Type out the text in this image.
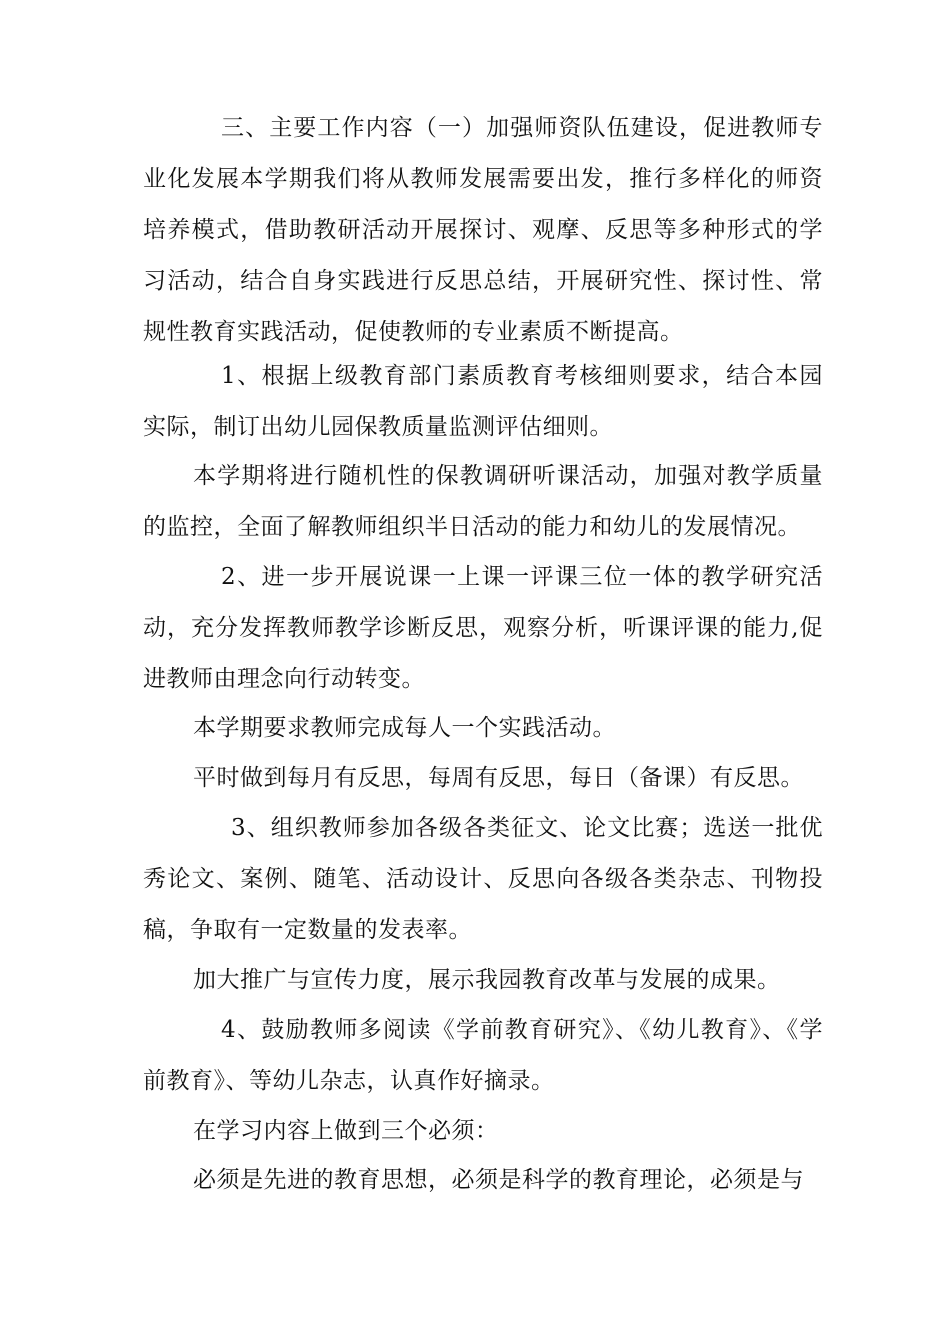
三、主要工作内容（一）加强师资队伍建设，促进教师专业化发展本学期我们将从教师发展需要出发，推行多样化的师资培养模式，借助教研活动开展探讨、观摩、反思等多种形式的学习活动，结合自身实践进行反思总结，开展研究性、探讨性、常规性教育实践活动，促使教师的专业素质不断提高。

1、根据上级教育部门素质教育考核细则要求，结合本园实际，制订出幼儿园保教质量监测评估细则。

本学期将进行随机性的保教调研听课活动，加强对教学质量的监控，全面了解教师组织半日活动的能力和幼儿的发展情况。

2、进一步开展说课一上课一评课三位一体的教学研究活动，充分发挥教师教学诊断反思，观察分析，听课评课的能力,促进教师由理念向行动转变。

本学期要求教师完成每人一个实践活动。

平时做到每月有反思，每周有反思，每日（备课）有反思。

3、组织教师参加各级各类征文、论文比赛；选送一批优秀论文、案例、随笔、活动设计、反思向各级各类杂志、刊物投稿，争取有一定数量的发表率。

加大推广与宣传力度，展示我园教育改革与发展的成果。

4、鼓励教师多阅读《学前教育研究》、《幼儿教育》、《学前教育》、等幼儿杂志，认真作好摘录。

在学习内容上做到三个必须：

必须是先进的教育思想，必须是科学的教育理论，必须是与
